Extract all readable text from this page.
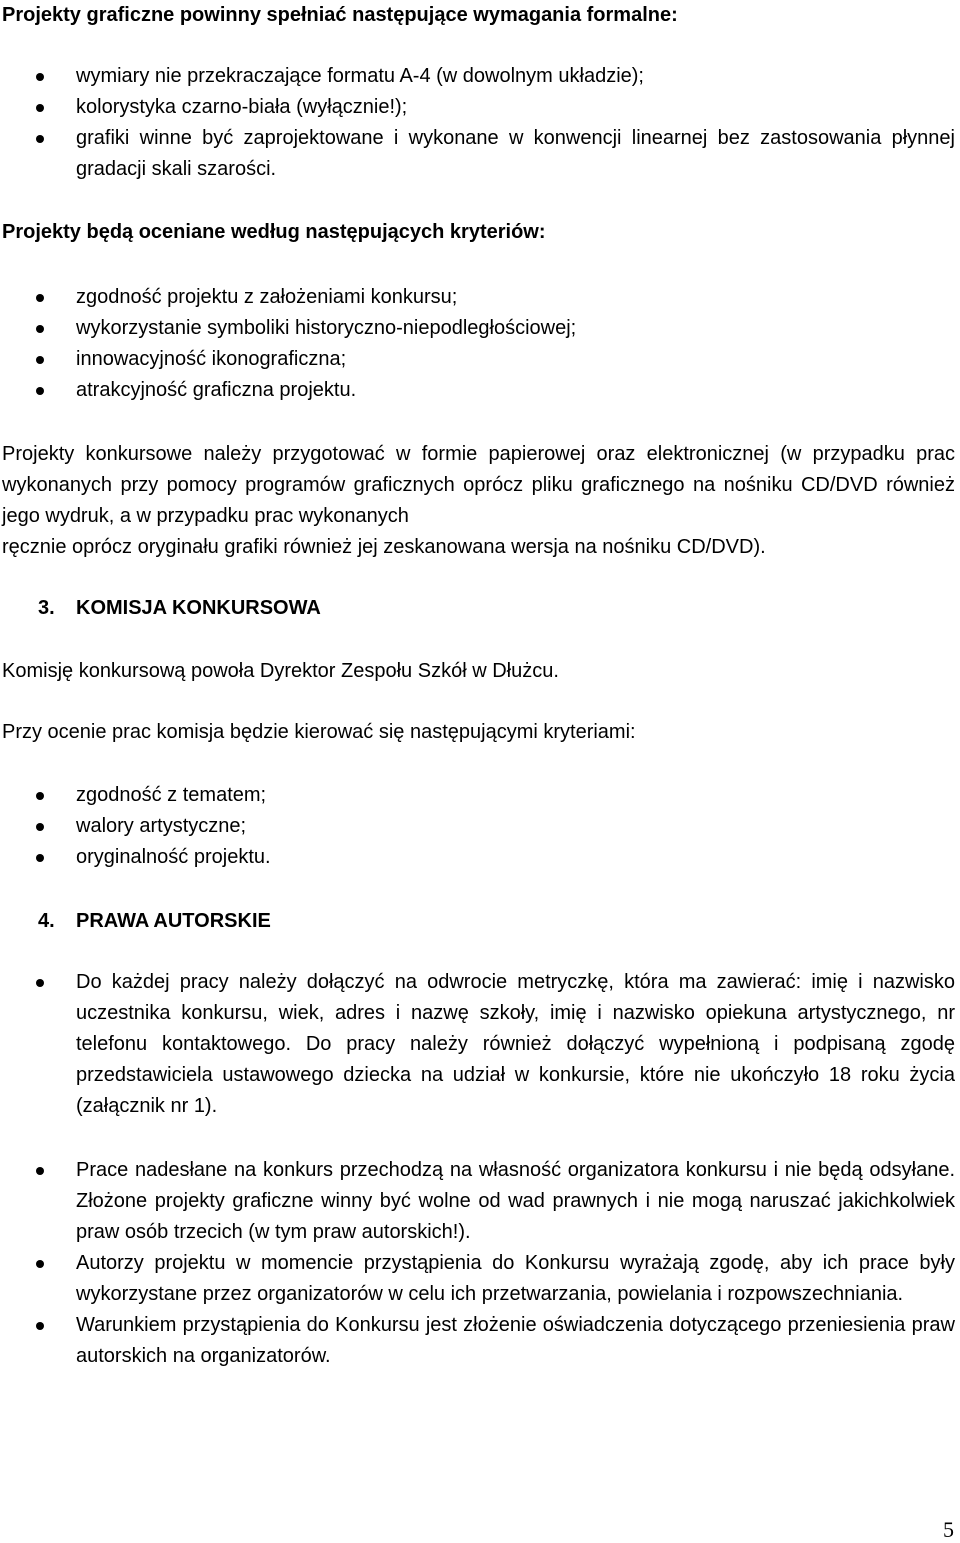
Projekty graficzne powinny spełniać następujące wymagania formalne:
wymiary nie przekraczające formatu A-4 (w dowolnym układzie);
kolorystyka czarno-biała (wyłącznie!);
grafiki winne być zaprojektowane i wykonane w konwencji linearnej bez zastosowania płynnej gradacji skali szarości.
Projekty będą oceniane według następujących kryteriów:
zgodność projektu z założeniami konkursu;
wykorzystanie symboliki historyczno-niepodległościowej;
innowacyjność ikonograficzna;
atrakcyjność graficzna projektu.
Projekty konkursowe należy przygotować w formie papierowej oraz elektronicznej (w przypadku prac wykonanych przy pomocy programów graficznych oprócz pliku graficznego na nośniku CD/DVD również jego wydruk, a w przypadku prac wykonanych
ręcznie oprócz oryginału grafiki również jej zeskanowana wersja na nośniku CD/DVD).
3. KOMISJA KONKURSOWA
Komisję konkursową powoła Dyrektor Zespołu Szkół w Dłużcu.
Przy ocenie prac komisja będzie kierować się następującymi kryteriami:
zgodność z tematem;
walory artystyczne;
oryginalność projektu.
4. PRAWA AUTORSKIE
Do każdej pracy należy dołączyć na odwrocie metryczkę, która ma zawierać: imię i nazwisko uczestnika konkursu, wiek, adres i nazwę szkoły, imię i nazwisko opiekuna artystycznego, nr telefonu kontaktowego. Do pracy należy również dołączyć wypełnioną i podpisaną zgodę przedstawiciela ustawowego dziecka na udział w konkursie, które nie ukończyło 18 roku życia (załącznik nr 1).
Prace nadesłane na konkurs przechodzą na własność organizatora konkursu i nie będą odsyłane. Złożone projekty graficzne winny być wolne od wad prawnych i nie mogą naruszać jakichkolwiek praw osób trzecich (w tym praw autorskich!).
Autorzy projektu w momencie przystąpienia do Konkursu wyrażają zgodę, aby ich prace były wykorzystane przez organizatorów w celu ich przetwarzania, powielania i rozpowszechniania.
Warunkiem przystąpienia do Konkursu jest złożenie oświadczenia dotyczącego przeniesienia praw autorskich na organizatorów.
5
